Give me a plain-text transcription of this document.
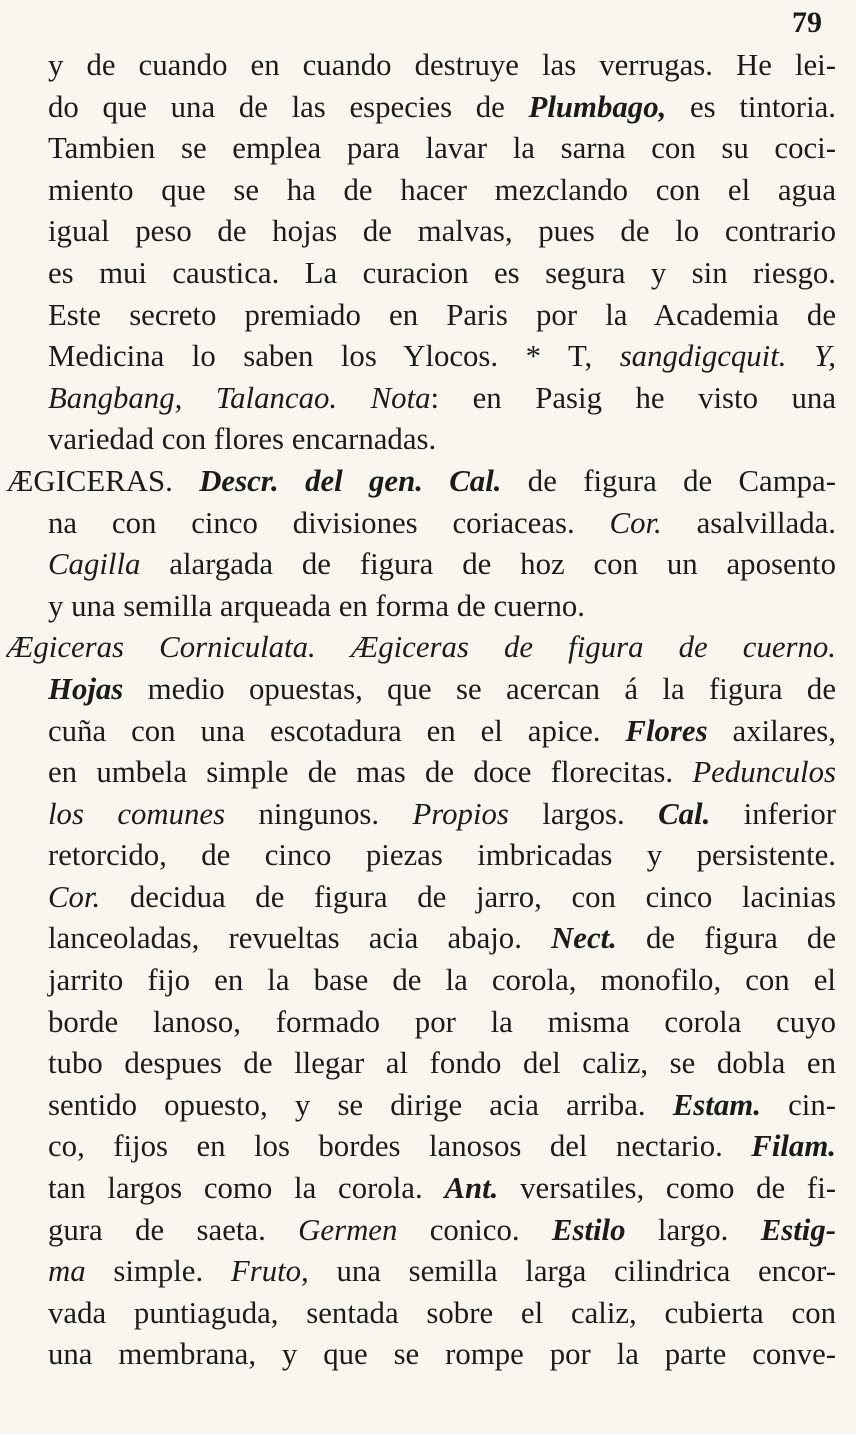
79
y de cuando en cuando destruye las verrugas. He lei-
do que una de las especies de Plumbago, es tintoria.
Tambien se emplea para lavar la sarna con su coci-
miento que se ha de hacer mezclando con el agua
igual peso de hojas de malvas, pues de lo contrario
es mui caustica. La curacion es segura y sin riesgo.
Este secreto premiado en Paris por la Academia de
Medicina lo saben los Ylocos. * T, sangdigcquit. Y,
Bangbang, Talancao. Nota: en Pasig he visto una
variedad con flores encarnadas.
ÆGICERAS. Descr. del gen. Cal. de figura de Campa-
na con cinco divisiones coriaceas. Cor. asalvillada.
Cagilla alargada de figura de hoz con un aposento
y una semilla arqueada en forma de cuerno.
Ægiceras Corniculata. Ægiceras de figura de cuerno.
Hojas medio opuestas, que se acercan á la figura de
cuña con una escotadura en el apice. Flores axilares,
en umbela simple de mas de doce florecitas. Pedunculos
los comunes ningunos. Propios largos. Cal. inferior
retorcido, de cinco piezas imbricadas y persistente.
Cor. decidua de figura de jarro, con cinco lacinias
lanceoladas, revueltas acia abajo. Nect. de figura de
jarrito fijo en la base de la corola, monofilo, con el
borde lanoso, formado por la misma corola cuyo
tubo despues de llegar al fondo del caliz, se dobla en
sentido opuesto, y se dirige acia arriba. Estam. cin-
co, fijos en los bordes lanosos del nectario. Filam.
tan largos como la corola. Ant. versatiles, como de fi-
gura de saeta. Germen conico. Estilo largo. Estig-
ma simple. Fruto, una semilla larga cilindrica encor-
vada puntiaguda, sentada sobre el caliz, cubierta con
una membrana, y que se rompe por la parte conve-
